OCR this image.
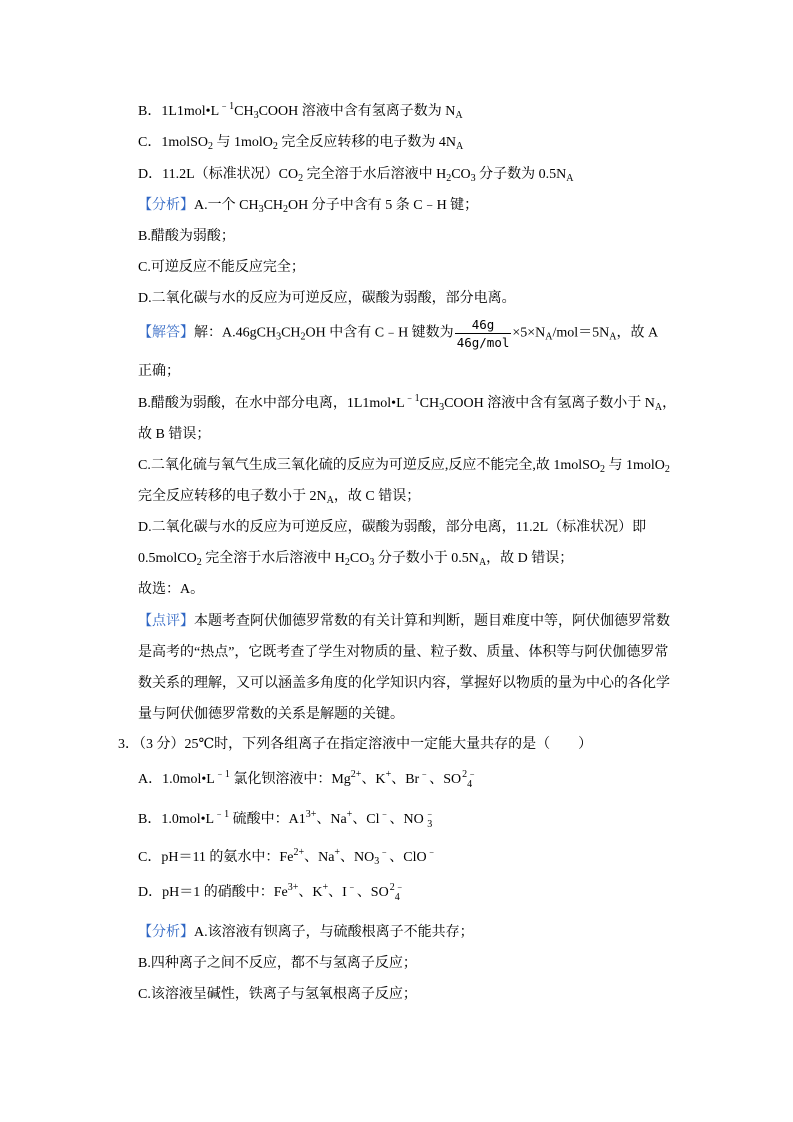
B．$1L1mol•L^{﹣1}CH_3COOH$ 溶液中含有氢离子数为 $N_A$
C．1molSO$_2$ 与 1molO$_2$ 完全反应转移的电子数为 $4N_A$
D．11.2L（标准状况）$CO_2$ 完全溶于水后溶液中 $H_2CO_3$ 分子数为 $0.5N_A$
【分析】A.一个 $CH_3CH_2OH$ 分子中含有 5 条 C﹣H 键；
B.醋酸为弱酸；
C.可逆反应不能反应完全；
D.二氧化碳与水的反应为可逆反应，碳酸为弱酸，部分电离。
【解答】解：$A.46gCH_3CH_2OH$ 中含有 C﹣H 键数为 $\frac{46g}{\text{46g/mol}} \times 5\times N_A/mol=5N_A$，故 A
正确；
B.醋酸为弱酸，在水中部分电离，$1L1mol•L^{﹣1}CH_3COOH$ 溶液中含有氢离子数小于 $N_A$，
故 B 错误；
C.二氧化硫与氧气生成三氧化硫的反应为可逆反应,反应不能完全,故 1molSO$_2$ 与 1molO$_2$
完全反应转移的电子数小于 $2N_A$，故 C 错误；
D.二氧化碳与水的反应为可逆反应，碳酸为弱酸，部分电离，11.2L（标准状况）即
0.5molCO$_2$ 完全溶于水后溶液中 $H_2CO_3$ 分子数小于 $0.5N_A$，故 D 错误；
故选：A。
【点评】本题考查阿伏伽德罗常数的有关计算和判断，题目难度中等，阿伏伽德罗常数
是高考的“热点”，它既考查了学生对物质的量、粒子数、质量、体积等与阿伏伽德罗常
数关系的理解，又可以涵盖多角度的化学知识内容，掌握好以物质的量为中心的各化学
量与阿伏伽德罗常数的关系是解题的关键。
3．（3 分）25℃时，下列各组离子在指定溶液中一定能大量共存的是（　　）
A．$1.0mol•L^{﹣1}$ 氯化钡溶液中：$Mg^{2+}$、K+、Br﹣、SO 2﹣
4
B．$1.0mol•L^{﹣1}$ 硫酸中：$A1^{3+}$、Na+、Cl﹣、NO ﹣
3
C．pH＝11 的氨水中：$Fe^{2+}$、Na+、$NO_3^﹣$、ClO﹣
D．pH＝1 的硝酸中：$Fe^{3+}$、K+、I﹣、SO 2﹣
4
【分析】A.该溶液有钡离子，与硫酸根离子不能共存；
B.四种离子之间不反应，都不与氢离子反应；
C.该溶液呈碱性，铁离子与氢氧根离子反应；
